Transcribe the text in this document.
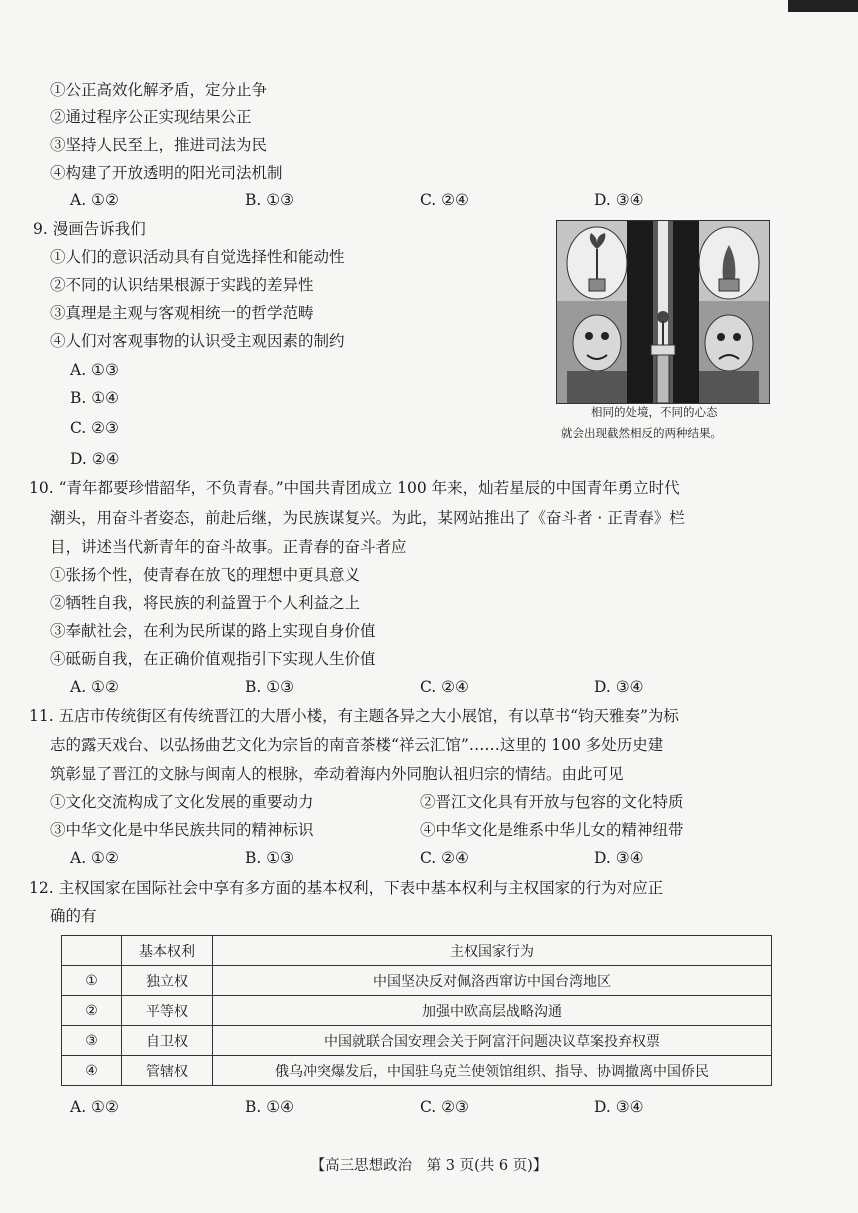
①公正高效化解矛盾，定分止争
②通过程序公正实现结果公正
③坚持人民至上，推进司法为民
④构建了开放透明的阳光司法机制
A. ①②	B. ①③	C. ②④	D. ③④
9. 漫画告诉我们
①人们的意识活动具有自觉选择性和能动性
②不同的认识结果根源于实践的差异性
③真理是主观与客观相统一的哲学范畴
④人们对客观事物的认识受主观因素的制约
A. ①③
B. ①④
C. ②③
D. ②④
相同的处境，不同的心态
就会出现截然相反的两种结果。
10. “青年都要珍惜韶华，不负青春。”中国共青团成立 100 年来，灿若星辰的中国青年勇立时代
潮头，用奋斗者姿态，前赴后继，为民族谋复兴。为此，某网站推出了《奋斗者 · 正青春》栏
目，讲述当代新青年的奋斗故事。正青春的奋斗者应
①张扬个性，使青春在放飞的理想中更具意义
②牺牲自我，将民族的利益置于个人利益之上
③奉献社会，在利为民所谋的路上实现自身价值
④砥砺自我，在正确价值观指引下实现人生价值
A. ①②	B. ①③	C. ②④	D. ③④
11. 五店市传统街区有传统晋江的大厝小楼，有主题各异之大小展馆，有以草书“钧天雅奏”为标
志的露天戏台、以弘扬曲艺文化为宗旨的南音茶楼“祥云汇馆”……这里的 100 多处历史建
筑彰显了晋江的文脉与闽南人的根脉，牵动着海内外同胞认祖归宗的情结。由此可见
①文化交流构成了文化发展的重要动力	②晋江文化具有开放与包容的文化特质
③中华文化是中华民族共同的精神标识	④中华文化是维系中华儿女的精神纽带
A. ①②	B. ①③	C. ②④	D. ③④
12. 主权国家在国际社会中享有多方面的基本权利，下表中基本权利与主权国家的行为对应正
确的有
	基本权利	主权国家行为
①	独立权	中国坚决反对佩洛西窜访中国台湾地区
②	平等权	加强中欧高层战略沟通
③	自卫权	中国就联合国安理会关于阿富汗问题决议草案投弃权票
④	管辖权	俄乌冲突爆发后，中国驻乌克兰使领馆组织、指导、协调撤离中国侨民
A. ①②	B. ①④	C. ②③	D. ③④
【高三思想政治　第 3 页(共 6 页)】
